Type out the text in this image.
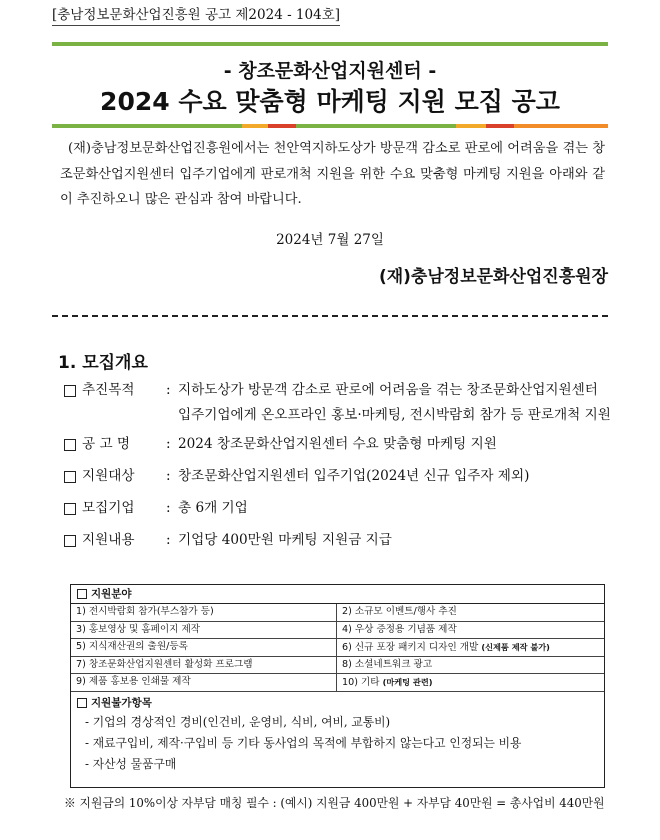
[충남정보문화산업진흥원 공고 제2024 - 104호]
- 창조문화산업지원센터 -
2024 수요 맞춤형 마케팅 지원 모집 공고
(재)충남정보문화산업진흥원에서는 천안역지하도상가 방문객 감소로 판로에 어려움을 겪는 창조문화산업지원센터 입주기업에게 판로개척 지원을 위한 수요 맞춤형 마케팅 지원을 아래와 같이 추진하오니 많은 관심과 참여 바랍니다.
2024년 7월 27일
(재)충남정보문화산업진흥원장
1. 모집개요
추진목적	: 지하도상가 방문객 감소로 판로에 어려움을 겪는 창조문화산업지원센터 입주기업에게 온오프라인 홍보·마케팅, 전시박람회 참가 등 판로개척 지원
공 고 명	: 2024 창조문화산업지원센터 수요 맞춤형 마케팅 지원
지원대상	: 창조문화산업지원센터 입주기업(2024년 신규 입주자 제외)
모집기업	: 총 6개 기업
지원내용	: 기업당 400만원 마케팅 지원금 지급
지원분야
1) 전시박람회 참가(부스참가 등)	2) 소규모 이벤트/행사 추진
3) 홍보영상 및 홈페이지 제작	4) 우상 증정용 기념품 제작
5) 지식재산권의 출원/등록	6) 신규 포장 패키지 디자인 개발 (신제품 제작 불가)
7) 창조문화산업지원센터 활성화 프로그램	8) 소셜네트워크 광고
9) 제품 홍보용 인쇄물 제작	10) 기타 (마케팅 관련)
지원불가항목
- 기업의 경상적인 경비(인건비, 운영비, 식비, 여비, 교통비)
- 재료구입비, 제작·구입비 등 기타 동사업의 목적에 부합하지 않는다고 인정되는 비용
- 자산성 물품구매
※ 지원금의 10%이상 자부담 매칭 필수 : (예시) 지원금 400만원 + 자부담 40만원 = 총사업비 440만원
